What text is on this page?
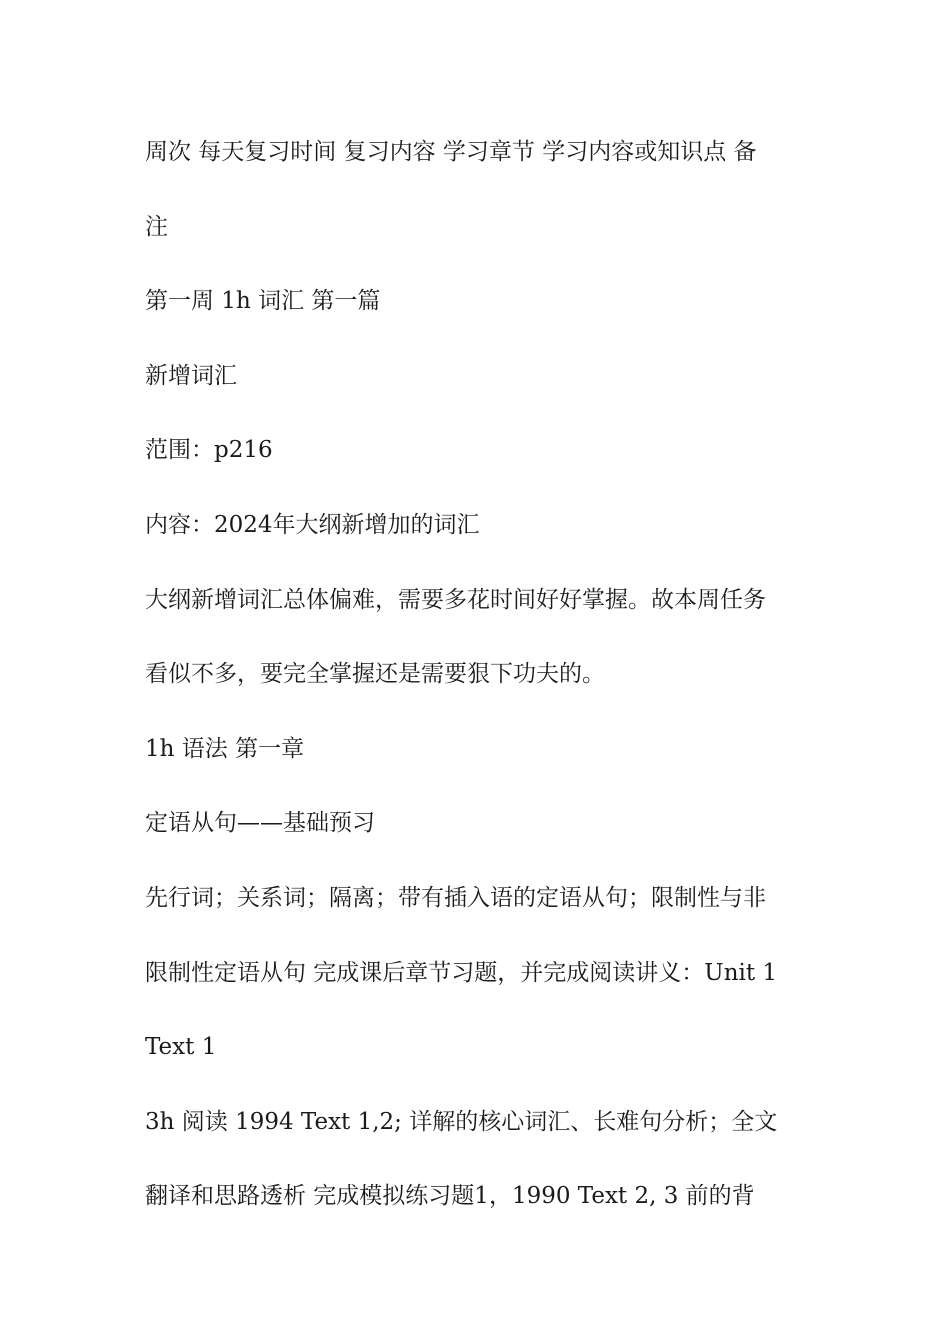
周次 每天复习时间 复习内容 学习章节 学习内容或知识点 备
注
第一周 1h 词汇 第一篇
新增词汇
范围：p216
内容：2024年大纲新增加的词汇
大纲新增词汇总体偏难，需要多花时间好好掌握。故本周任务
看似不多，要完全掌握还是需要狠下功夫的。
1h 语法 第一章
定语从句——基础预习
先行词；关系词；隔离；带有插入语的定语从句；限制性与非
限制性定语从句 完成课后章节习题，并完成阅读讲义：Unit 1
Text 1
3h 阅读 1994 Text 1,2; 详解的核心词汇、长难句分析；全文
翻译和思路透析 完成模拟练习题1，1990 Text 2, 3 前的背
